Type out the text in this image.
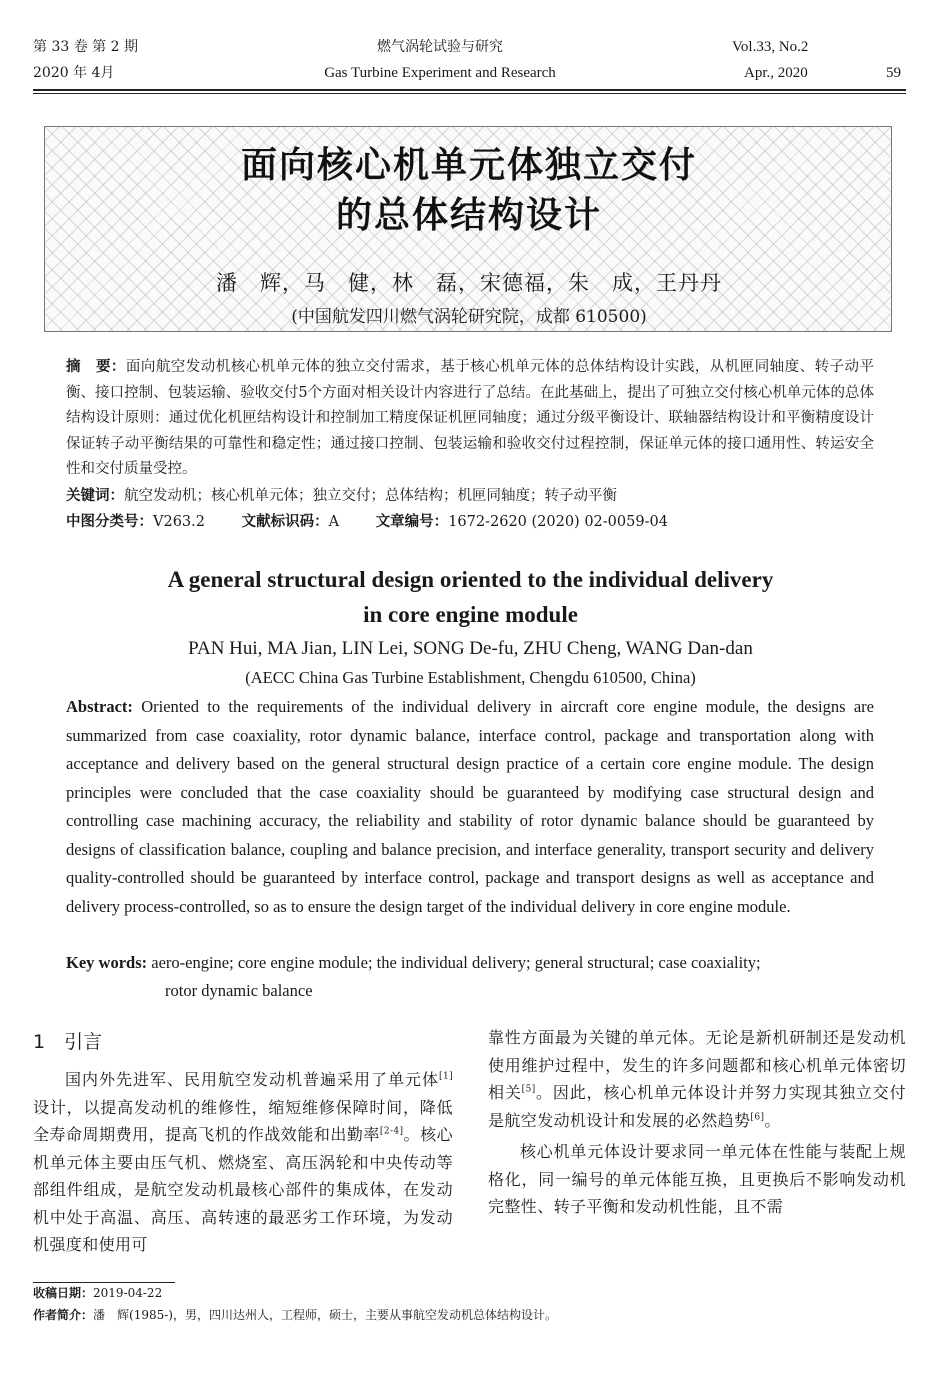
第 33 卷 第 2 期
2020 年 4月
燃气涡轮试验与研究
Gas Turbine Experiment and Research
Vol.33, No.2
Apr., 2020	59
面向核心机单元体独立交付
的总体结构设计
潘　辉，马　健，林　磊，宋德福，朱　成，王丹丹
(中国航发四川燃气涡轮研究院，成都 610500)
摘　要：面向航空发动机核心机单元体的独立交付需求，基于核心机单元体的总体结构设计实践，从机匣同轴度、转子动平衡、接口控制、包装运输、验收交付5个方面对相关设计内容进行了总结。在此基础上，提出了可独立交付核心机单元体的总体结构设计原则：通过优化机匣结构设计和控制加工精度保证机匣同轴度；通过分级平衡设计、联轴器结构设计和平衡精度设计保证转子动平衡结果的可靠性和稳定性；通过接口控制、包装运输和验收交付过程控制，保证单元体的接口通用性、转运安全性和交付质量受控。
关键词：航空发动机；核心机单元体；独立交付；总体结构；机匣同轴度；转子动平衡
中图分类号：V263.2	文献标识码：A	文章编号：1672-2620 (2020) 02-0059-04
A general structural design oriented to the individual delivery
in core engine module
PAN Hui, MA Jian, LIN Lei, SONG De-fu, ZHU Cheng, WANG Dan-dan
(AECC China Gas Turbine Establishment, Chengdu 610500, China)
Abstract: Oriented to the requirements of the individual delivery in aircraft core engine module, the designs are summarized from case coaxiality, rotor dynamic balance, interface control, package and transportation along with acceptance and delivery based on the general structural design practice of a certain core engine module. The design principles were concluded that the case coaxiality should be guaranteed by modifying case structural design and controlling case machining accuracy, the reliability and stability of rotor dynamic balance should be guaranteed by designs of classification balance, coupling and balance precision, and interface generality, transport security and delivery quality-controlled should be guaranteed by interface control, package and transport designs as well as acceptance and delivery process-controlled, so as to ensure the design target of the individual delivery in core engine module.
Key words: aero-engine; core engine module; the individual delivery; general structural; case coaxiality;
rotor dynamic balance
1　引言

国内外先进军、民用航空发动机普遍采用了单元体[1]设计，以提高发动机的维修性，缩短维修保障时间，降低全寿命周期费用，提高飞机的作战效能和出勤率[2-4]。核心机单元体主要由压气机、燃烧室、高压涡轮和中央传动等部组件组成，是航空发动机最核心部件的集成体，在发动机中处于高温、高压、高转速的最恶劣工作环境，为发动机强度和使用可

靠性方面最为关键的单元体。无论是新机研制还是发动机使用维护过程中，发生的许多问题都和核心机单元体密切相关[5]。因此，核心机单元体设计并努力实现其独立交付是航空发动机设计和发展的必然趋势[6]。

核心机单元体设计要求同一单元体在性能与装配上规格化，同一编号的单元体能互换，且更换后不影响发动机完整性、转子平衡和发动机性能，且不需

收稿日期：2019-04-22
作者简介：潘　辉(1985-)，男，四川达州人，工程师，硕士，主要从事航空发动机总体结构设计。
